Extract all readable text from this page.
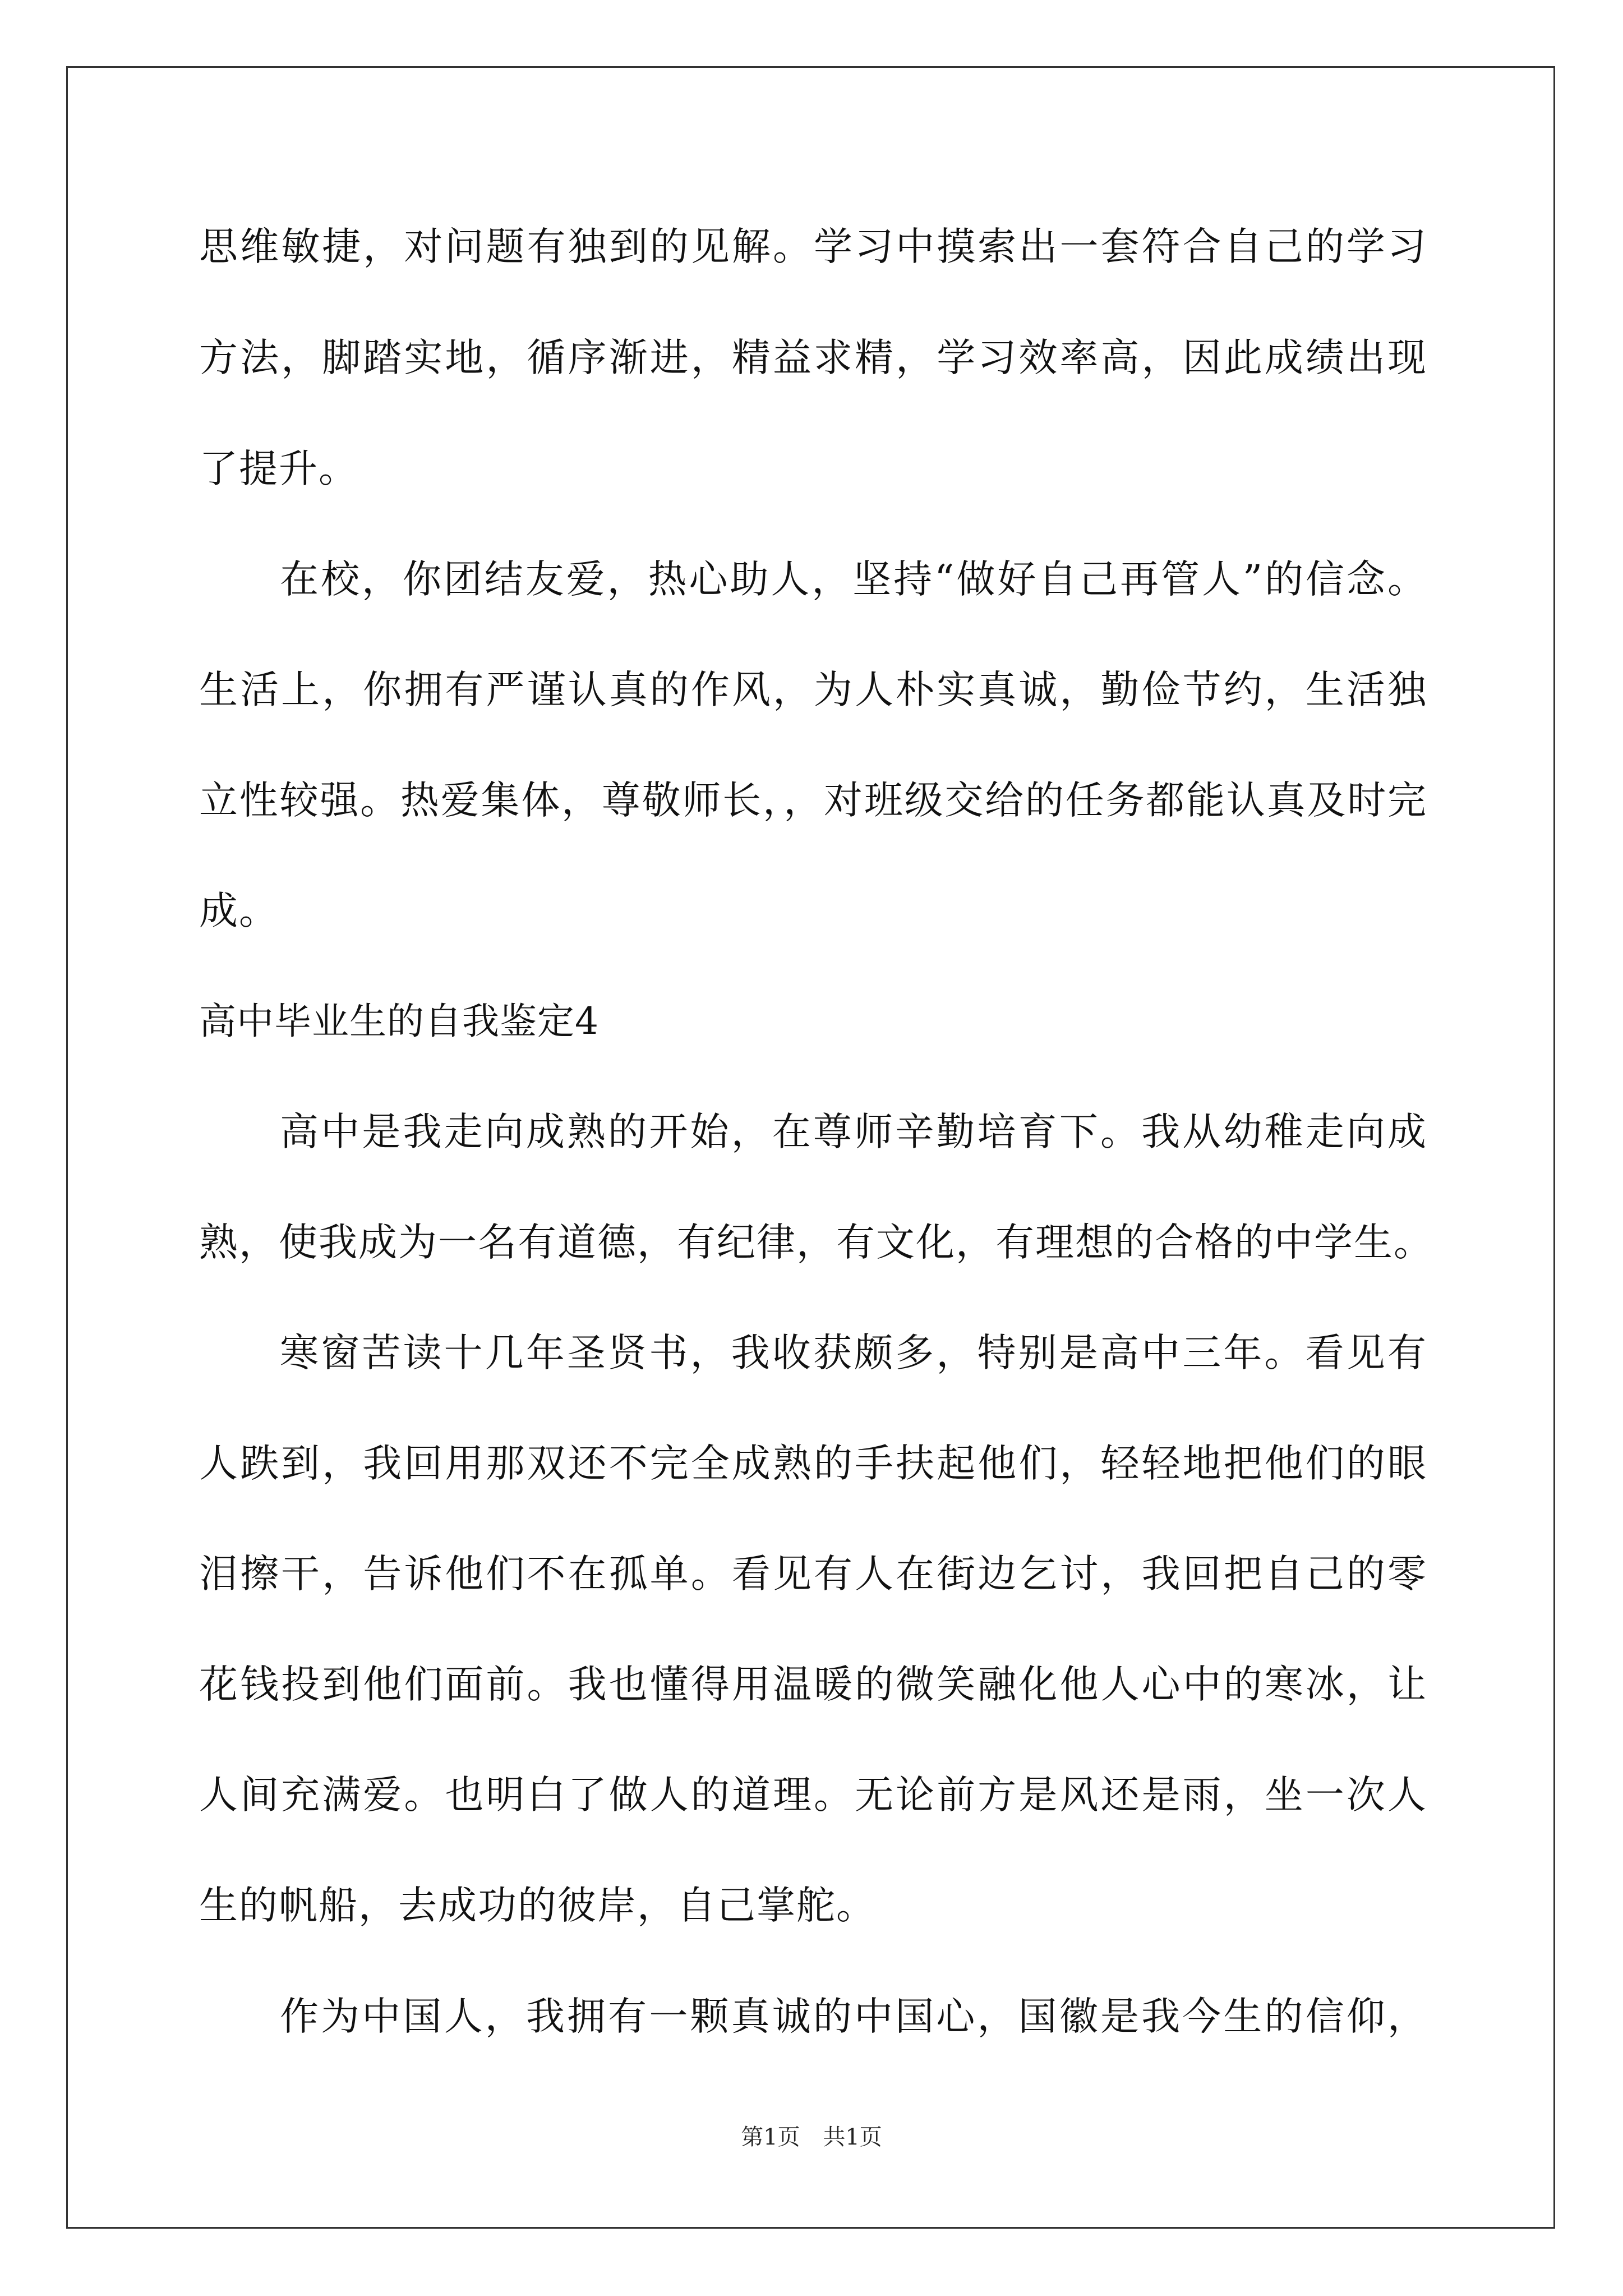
思维敏捷，对问题有独到的见解。学习中摸索出一套符合自己的学习
方法，脚踏实地，循序渐进，精益求精，学习效率高，因此成绩出现
了提升。
在校，你团结友爱，热心助人，坚持“做好自己再管人”的信念。
生活上，你拥有严谨认真的作风，为人朴实真诚，勤俭节约，生活独
立性较强。热爱集体，尊敬师长，，对班级交给的任务都能认真及时完
成。
高中毕业生的自我鉴定4
高中是我走向成熟的开始，在尊师辛勤培育下。我从幼稚走向成
熟，使我成为一名有道德，有纪律，有文化，有理想的合格的中学生。
寒窗苦读十几年圣贤书，我收获颇多，特别是高中三年。看见有
人跌到，我回用那双还不完全成熟的手扶起他们，轻轻地把他们的眼
泪擦干，告诉他们不在孤单。看见有人在街边乞讨，我回把自己的零
花钱投到他们面前。我也懂得用温暖的微笑融化他人心中的寒冰，让
人间充满爱。也明白了做人的道理。无论前方是风还是雨，坐一次人
生的帆船，去成功的彼岸，自己掌舵。
作为中国人，我拥有一颗真诚的中国心，国徽是我今生的信仰，
第1页 共1页
